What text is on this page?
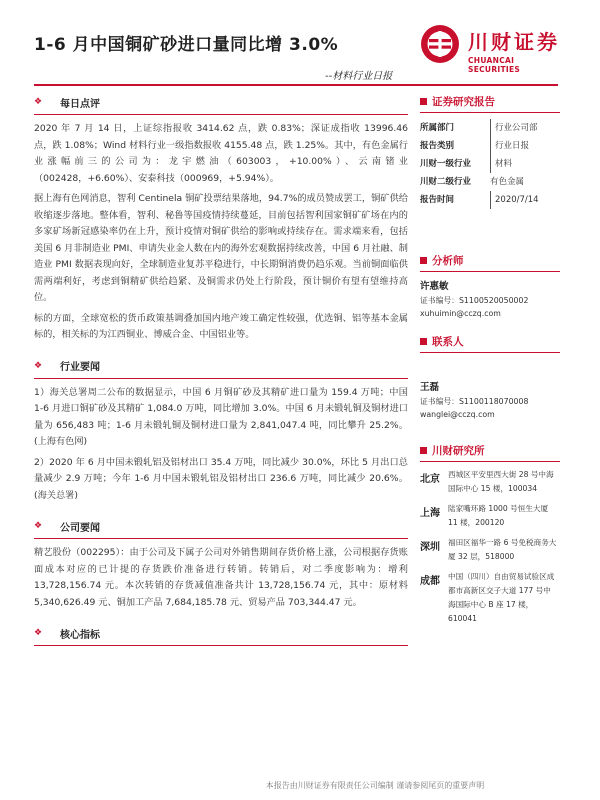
1-6 月中国铜矿砂进口量同比增 3.0%
--材料行业日报
川财证券
CHUANCAI SECURITIES
❖	每日点评

2020 年 7 月 14 日，上证综指报收 3414.62 点，跌 0.83%；深证成指收 13996.46 点，跌 1.08%；Wind 材料行业一级指数报收 4155.48 点，跌 1.25%。其中，有色金属行业涨幅前三的公司为：龙宇燃油（603003，+10.00%）、云南锗业（002428，+6.60%）、安泰科技（000969，+5.94%）。

据上海有色网消息，智利 Centinela 铜矿投票结果落地，94.7%的成员赞成罢工，铜矿供给收缩逐步落地。整体看，智利、秘鲁等国疫情持续蔓延，目前包括智利国家铜矿矿场在内的多家矿场新冠感染率仍在上升，预计疫情对铜矿供给的影响或持续存在。需求端来看，包括美国 6 月非制造业 PMI、申请失业金人数在内的海外宏观数据持续改善，中国 6 月社融、制造业 PMI 数据表现向好，全球制造业复苏平稳进行，中长期铜消费仍趋乐观。当前铜面临供需两端利好，考虑到铜精矿供给趋紧、及铜需求仍处上行阶段，预计铜价有望有望维持高位。

标的方面，全球宽松的货币政策基调叠加国内地产竣工确定性较强，优选铜、铝等基本金属标的，相关标的为江西铜业、博威合金、中国铝业等。

❖	行业要闻

1）海关总署周二公布的数据显示，中国 6 月铜矿砂及其精矿进口量为 159.4 万吨；中国 1-6 月进口铜矿砂及其精矿 1,084.0 万吨，同比增加 3.0%。中国 6 月未锻轧铜及铜材进口量为 656,483 吨；1-6 月未锻轧铜及铜材进口量为 2,841,047.4 吨，同比攀升 25.2%。(上海有色网)

2）2020 年 6 月中国未锻轧铝及铝材出口 35.4 万吨，同比减少 30.0%，环比 5 月出口总量减少 2.9 万吨；今年 1-6 月中国未锻轧铝及铝材出口 236.6 万吨，同比减少 20.6%。(海关总署)

❖	公司要闻

精艺股份（002295）：由于公司及下属子公司对外销售期间存货价格上涨，公司根据存货账面成本对应的已计提的存货跌价准备进行转销。转销后，对二季度影响为：增利 13,728,156.74 元。本次转销的存货减值准备共计 13,728,156.74 元，其中：原材料 5,340,626.49 元、铜加工产品 7,684,185.78 元、贸易产品 703,344.47 元。

❖	核心指标
证券研究报告
所属部门	行业公司部
报告类别	行业日报
川财一级行业	材料
川财二级行业	有色金属
报告时间	2020/7/14
分析师
许惠敏
证书编号：S1100520050002
xuhuimin@cczq.com
联系人
王磊
证书编号：S1100118070008
wanglei@cczq.com
川财研究所
北京	西城区平安里西大街 28 号中海国际中心 15 楼，100034
上海	陆家嘴环路 1000 号恒生大厦 11 楼，200120
深圳	福田区福华一路 6 号免税商务大厦 32 层，518000
成都	中国（四川）自由贸易试验区成都市高新区交子大道 177 号中海国际中心 B 座 17 楼，610041
本报告由川财证券有限责任公司编制 谨请参阅尾页的重要声明
